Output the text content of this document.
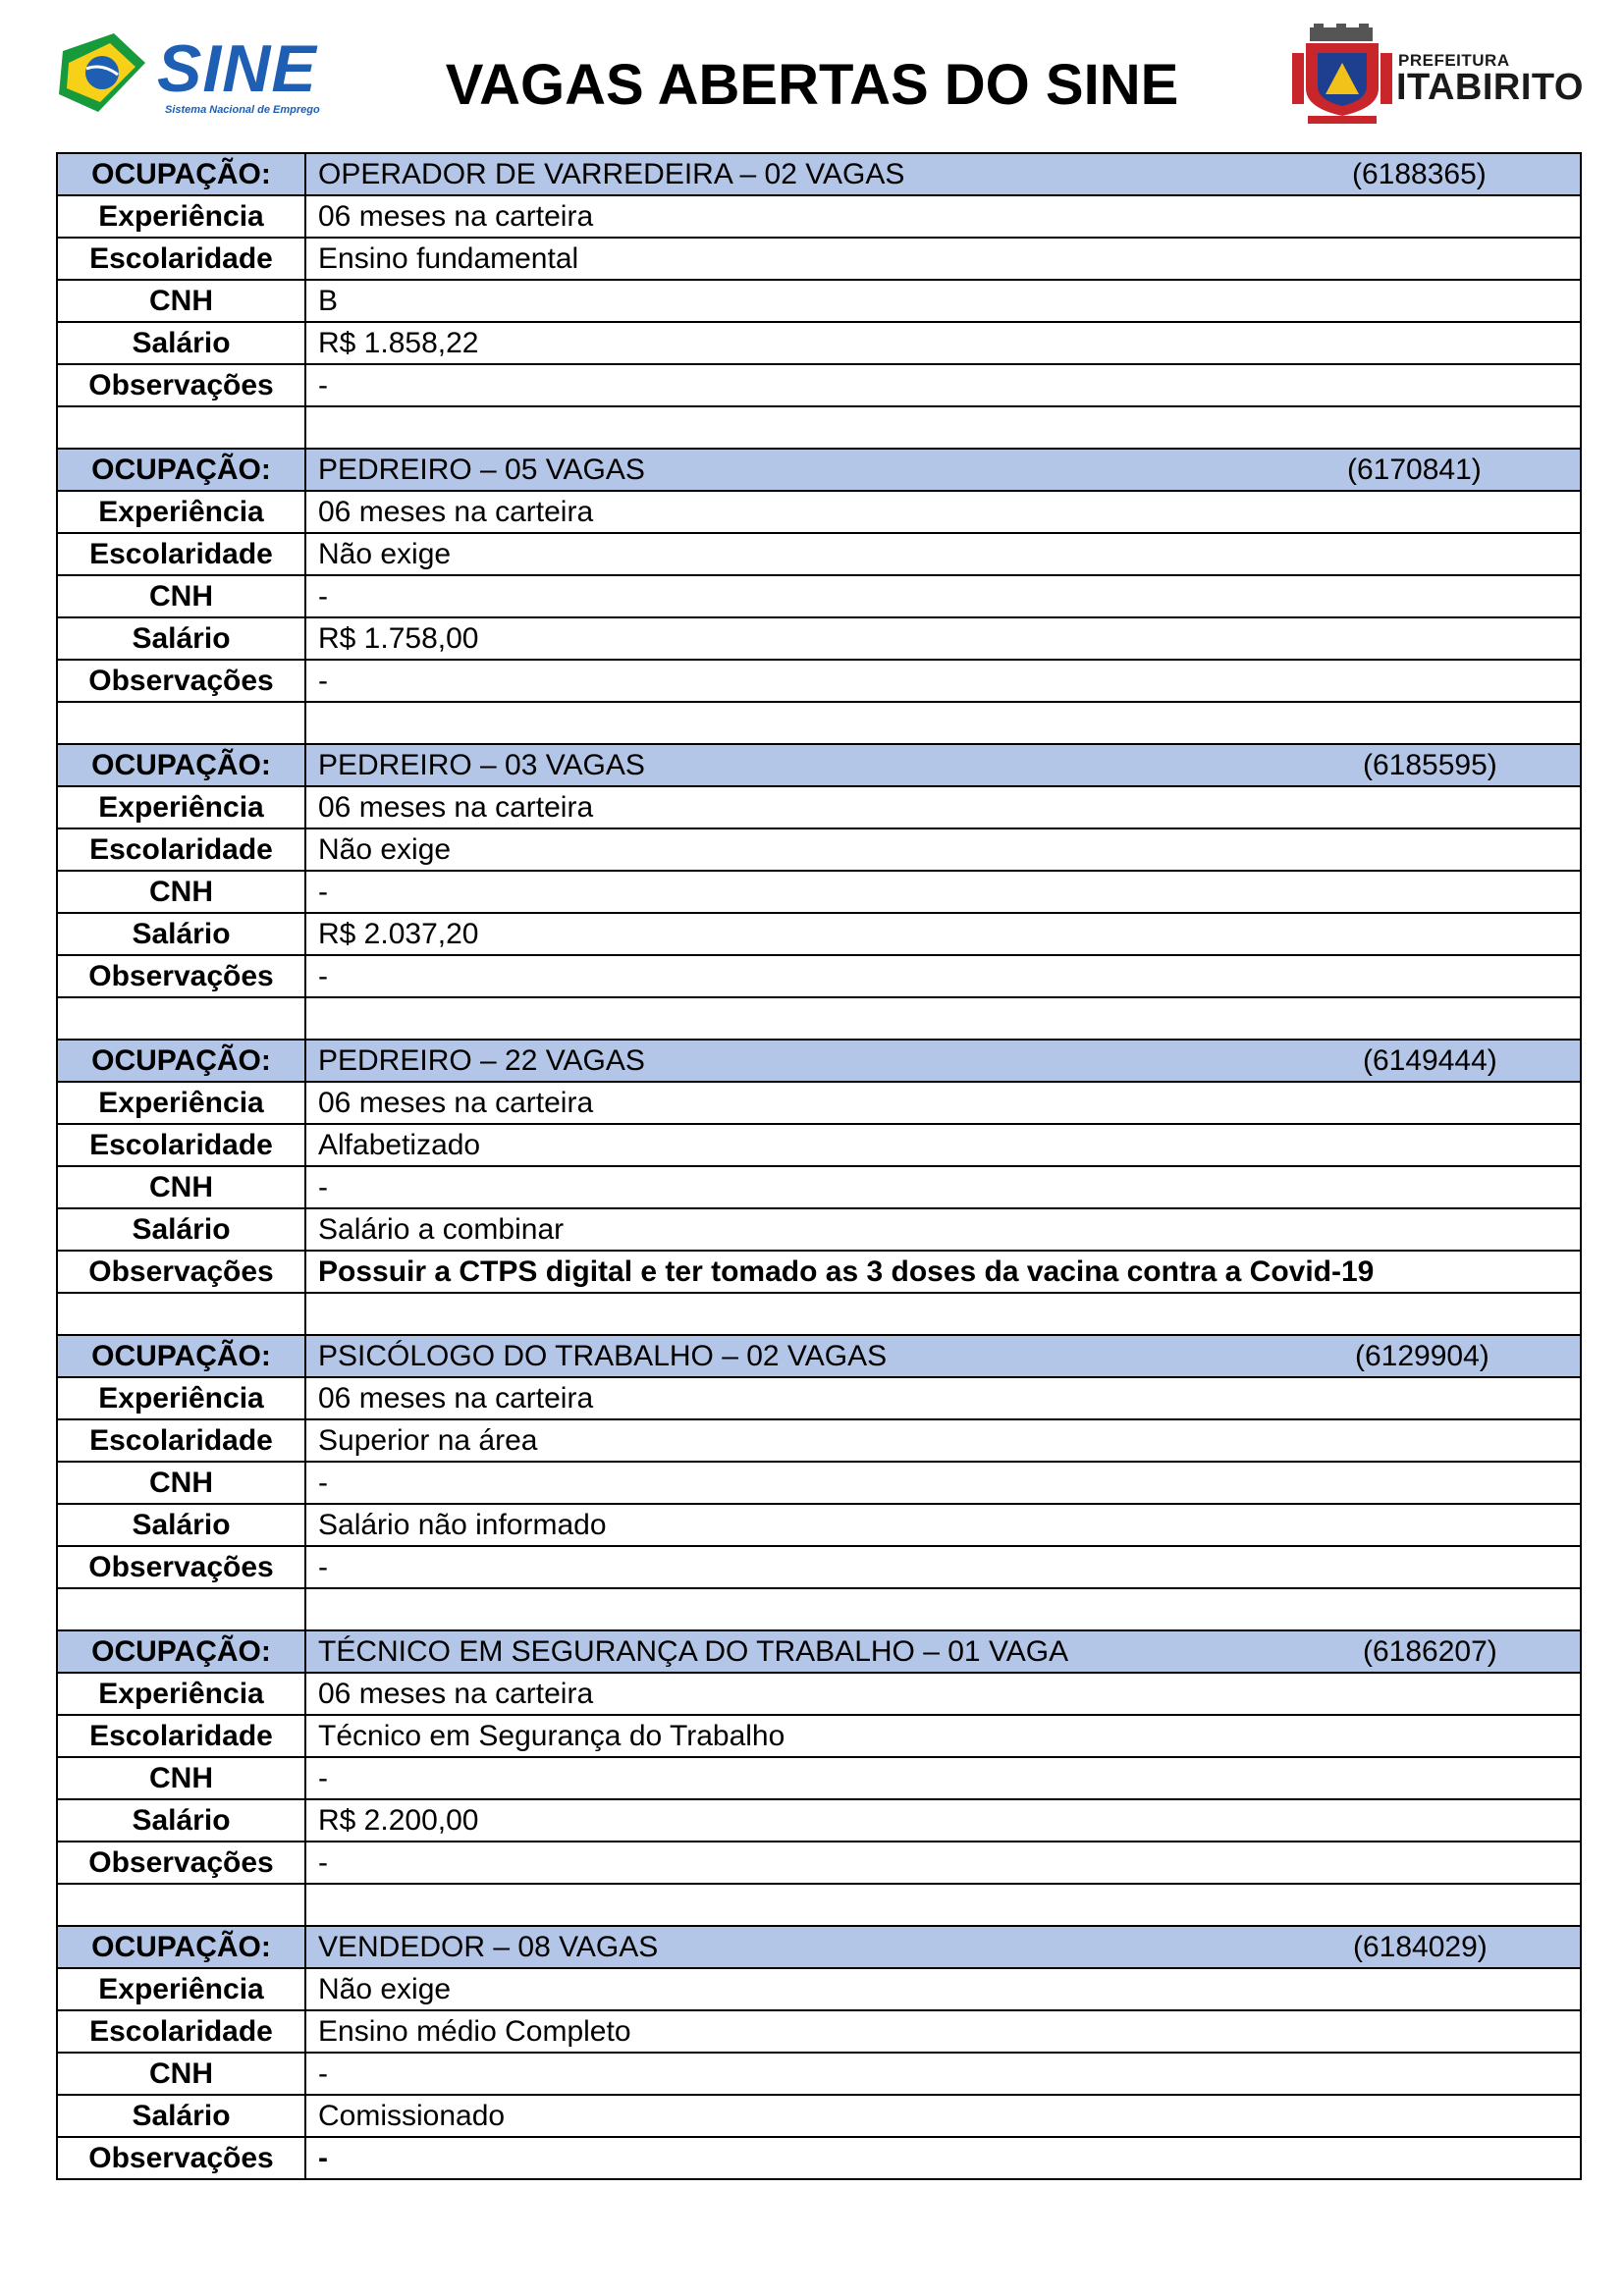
SINE
Sistema Nacional de Emprego	VAGAS ABERTAS DO SINE	PREFEITURA
ITABIRITO
OCUPAÇÃO:	OPERADOR DE VARREDEIRA – 02 VAGAS (6188365)

Experiência	06 meses na carteira
Escolaridade	Ensino fundamental
CNH	B
Salário	R$ 1.858,22
Observações	-

OCUPAÇÃO:	PEDREIRO – 05 VAGAS (6170841)

Experiência	06 meses na carteira
Escolaridade	Não exige
CNH	-
Salário	R$ 1.758,00
Observações	-

OCUPAÇÃO:	PEDREIRO – 03 VAGAS (6185595)

Experiência	06 meses na carteira
Escolaridade	Não exige
CNH	-
Salário	R$ 2.037,20
Observações	-

OCUPAÇÃO:	PEDREIRO – 22 VAGAS (6149444)

Experiência	06 meses na carteira
Escolaridade	Alfabetizado
CNH	-
Salário	Salário a combinar
Observações	Possuir a CTPS digital e ter tomado as 3 doses da vacina contra a Covid-19

OCUPAÇÃO:	PSICÓLOGO DO TRABALHO – 02 VAGAS (6129904)

Experiência	06 meses na carteira
Escolaridade	Superior na área
CNH	-
Salário	Salário não informado
Observações	-

OCUPAÇÃO:	TÉCNICO EM SEGURANÇA DO TRABALHO – 01 VAGA (6186207)

Experiência	06 meses na carteira
Escolaridade	Técnico em Segurança do Trabalho
CNH	-
Salário	R$ 2.200,00
Observações	-

OCUPAÇÃO:	VENDEDOR – 08 VAGAS (6184029)

Experiência	Não exige
Escolaridade	Ensino médio Completo
CNH	-
Salário	Comissionado
Observações	-
